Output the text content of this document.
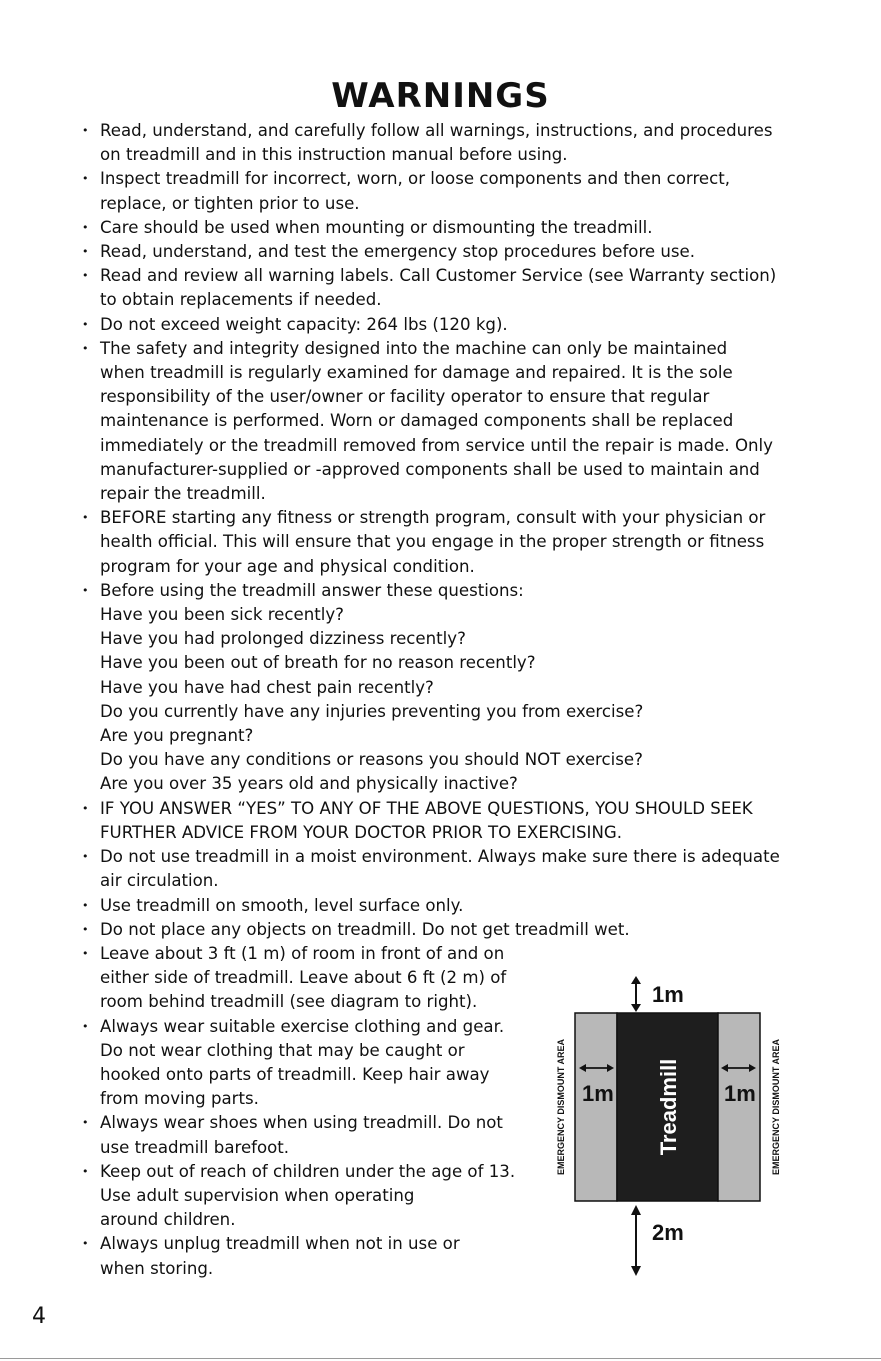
WARNINGS
• Read, understand, and carefully follow all warnings, instructions, and procedures
on treadmill and in this instruction manual before using.
• Inspect treadmill for incorrect, worn, or loose components and then correct,
replace, or tighten prior to use.
• Care should be used when mounting or dismounting the treadmill.
• Read, understand, and test the emergency stop procedures before use.
• Read and review all warning labels. Call Customer Service (see Warranty section)
to obtain replacements if needed.
• Do not exceed weight capacity: 264 lbs (120 kg).
• The safety and integrity designed into the machine can only be maintained
when treadmill is regularly examined for damage and repaired. It is the sole
responsibility of the user/owner or facility operator to ensure that regular
maintenance is performed. Worn or damaged components shall be replaced
immediately or the treadmill removed from service until the repair is made. Only
manufacturer-supplied or -approved components shall be used to maintain and
repair the treadmill.
• BEFORE starting any fitness or strength program, consult with your physician or
health official. This will ensure that you engage in the proper strength or fitness
program for your age and physical condition.
• Before using the treadmill answer these questions:
Have you been sick recently?
Have you had prolonged dizziness recently?
Have you been out of breath for no reason recently?
Have you have had chest pain recently?
Do you currently have any injuries preventing you from exercise?
Are you pregnant?
Do you have any conditions or reasons you should NOT exercise?
Are you over 35 years old and physically inactive?
• IF YOU ANSWER “YES” TO ANY OF THE ABOVE QUESTIONS, YOU SHOULD SEEK
FURTHER ADVICE FROM YOUR DOCTOR PRIOR TO EXERCISING.
• Do not use treadmill in a moist environment. Always make sure there is adequate
air circulation.
• Use treadmill on smooth, level surface only.
• Do not place any objects on treadmill. Do not get treadmill wet.
• Leave about 3 ft (1 m) of room in front of and on
either side of treadmill. Leave about 6 ft (2 m) of
room behind treadmill (see diagram to right).
• Always wear suitable exercise clothing and gear.
Do not wear clothing that may be caught or
hooked onto parts of treadmill. Keep hair away
from moving parts.
• Always wear shoes when using treadmill. Do not
use treadmill barefoot.
• Keep out of reach of children under the age of 13.
Use adult supervision when operating
around children.
• Always unplug treadmill when not in use or
when storing.
1m
Treadmill
1m	1m
EMERGENCY DISMOUNT AREA	EMERGENCY DISMOUNT AREA
2m
4
